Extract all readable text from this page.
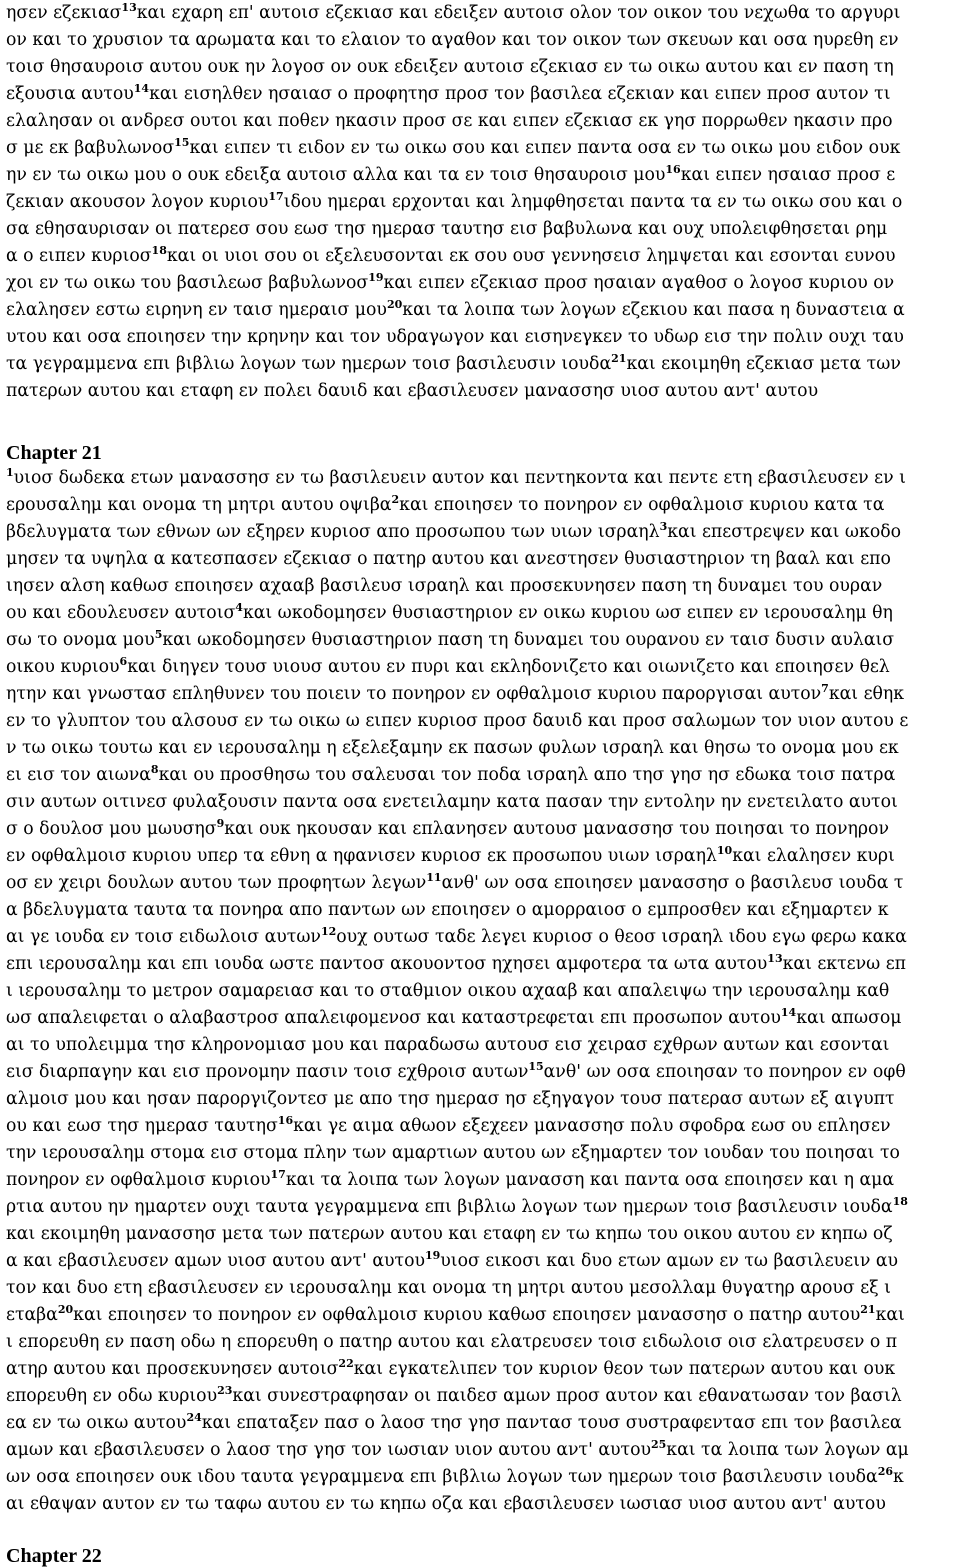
ησεν εζεκιασ$^{13}$και εχαρη επ' αυτοισ εζεκιασ και εδειξεν αυτοισ ολον τον οικον του νεχωθα το αργυρι
ον και το χρυσιον τα αρωματα και το ελαιον το αγαθον και τον οικον των σκευων και οσα ηυρεθη εν
τοισ θησαυροισ αυτου ουκ ην λογοσ ον ουκ εδειξεν αυτοισ εζεκιασ εν τω οικω αυτου και εν παση τη
εξουσια αυτου$^{14}$και εισηλθεν ησαιασ ο προφητησ προσ τον βασιλεα εζεκιαν και ειπεν προσ αυτον τι
ελαλησαν οι ανδρεσ ουτοι και ποθεν ηκασιν προσ σε και ειπεν εζεκιασ εκ γησ πορρωθεν ηκασιν προ
σ με εκ βαβυλωνοσ$^{15}$και ειπεν τι ειδον εν τω οικω σου και ειπεν παντα οσα εν τω οικω μου ειδον ουκ
ην εν τω οικω μου ο ουκ εδειξα αυτοισ αλλα και τα εν τοισ θησαυροισ μου$^{16}$και ειπεν ησαιασ προσ ε
ζεκιαν ακουσον λογον κυριου$^{17}$ιδου ημεραι ερχονται και λημφθησεται παντα τα εν τω οικω σου και ο
σα εθησαυρισαν οι πατερεσ σου εωσ τησ ημερασ ταυτησ εισ βαβυλωνα και ουχ υπολειφθησεται ρημ
α ο ειπεν κυριοσ$^{18}$και οι υιοι σου οι εξελευσονται εκ σου ουσ γεννησεισ λημψεται και εσονται ευνου
χοι εν τω οικω του βασιλεωσ βαβυλωνοσ$^{19}$και ειπεν εζεκιασ προσ ησαιαν αγαθοσ ο λογοσ κυριου ον
ελαλησεν εστω ειρηνη εν ταισ ημεραισ μου$^{20}$και τα λοιπα των λογων εζεκιου και πασα η δυναστεια α
υτου και οσα εποιησεν την κρηνην και τον υδραγωγον και εισηνεγκεν το υδωρ εισ την πολιν ουχι ταυ
τα γεγραμμενα επι βιβλιω λογων των ημερων τοισ βασιλευσιν ιουδα$^{21}$και εκοιμηθη εζεκιασ μετα των
πατερων αυτου και εταφη εν πολει δαυιδ και εβασιλευσεν μανασσησ υιοσ αυτου αντ' αυτου
Chapter 21
$^1$υιοσ δωδεκα ετων μανασσησ εν τω βασιλευειν αυτον και πεντηκοντα και πεντε ετη εβασιλευσεν εν ι
ερουσαλημ και ονομα τη μητρι αυτου οψιβα$^2$και εποιησεν το πονηρον εν οφθαλμοισ κυριου κατα τα
βδελυγματα των εθνων ων εξηρεν κυριοσ απο προσωπου των υιων ισραηλ$^3$και επεστρεψεν και ωκοδο
μησεν τα υψηλα α κατεσπασεν εζεκιασ ο πατηρ αυτου και ανεστησεν θυσιαστηριον τη βααλ και επο
ιησεν αλση καθωσ εποιησεν αχααβ βασιλευσ ισραηλ και προσεκυνησεν παση τη δυναμει του ουραν
ου και εδουλευσεν αυτοισ$^4$και ωκοδομησεν θυσιαστηριον εν οικω κυριου ωσ ειπεν εν ιερουσαλημ θη
σω το ονομα μου$^5$και ωκοδομησεν θυσιαστηριον παση τη δυναμει του ουρανου εν ταισ δυσιν αυλαισ
οικου κυριου$^6$και διηγεν τουσ υιουσ αυτου εν πυρι και εκληδονιζετο και οιωνιζετο και εποιησεν θελ
ητην και γνωστασ επληθυνεν του ποιειν το πονηρον εν οφθαλμοισ κυριου παροργισαι αυτον$^7$και εθηκ
εν το γλυπτον του αλσουσ εν τω οικω ω ειπεν κυριοσ προσ δαυιδ και προσ σαλωμων τον υιον αυτου ε
ν τω οικω τουτω και εν ιερουσαλημ η εξελεξαμην εκ πασων φυλων ισραηλ και θησω το ονομα μου εκ
ει εισ τον αιωνα$^8$και ου προσθησω του σαλευσαι τον ποδα ισραηλ απο τησ γησ ησ εδωκα τοισ πατρα
σιν αυτων οιτινεσ φυλαξουσιν παντα οσα ενετειλαμην κατα πασαν την εντολην ην ενετειλατο αυτοι
σ ο δουλοσ μου μωυσησ$^9$και ουκ ηκουσαν και επλανησεν αυτουσ μανασσησ του ποιησαι το πονηρον
εν οφθαλμοισ κυριου υπερ τα εθνη α ηφανισεν κυριοσ εκ προσωπου υιων ισραηλ$^{10}$και ελαλησεν κυρι
οσ εν χειρι δουλων αυτου των προφητων λεγων$^{11}$ανθ' ων οσα εποιησεν μανασσησ ο βασιλευσ ιουδα τ
α βδελυγματα ταυτα τα πονηρα απο παντων ων εποιησεν ο αμορραιοσ ο εμπροσθεν και εξημαρτεν κ
αι γε ιουδα εν τοισ ειδωλοισ αυτων$^{12}$ουχ ουτωσ ταδε λεγει κυριοσ ο θεοσ ισραηλ ιδου εγω φερω κακα
επι ιερουσαλημ και επι ιουδα ωστε παντοσ ακουοντοσ ηχησει αμφοτερα τα ωτα αυτου$^{13}$και εκτενω επ
ι ιερουσαλημ το μετρον σαμαρειασ και το σταθμιον οικου αχααβ και απαλειψω την ιερουσαλημ καθ
ωσ απαλειφεται ο αλαβαστροσ απαλειφομενοσ και καταστρεφεται επι προσωπον αυτου$^{14}$και απωσομ
αι το υπολειμμα τησ κληρονομιασ μου και παραδωσω αυτουσ εισ χειρασ εχθρων αυτων και εσονται
εισ διαρπαγην και εισ προνομην πασιν τοισ εχθροισ αυτων$^{15}$ανθ' ων οσα εποιησαν το πονηρον εν οφθ
αλμοισ μου και ησαν παροργιζοντεσ με απο τησ ημερασ ησ εξηγαγον τουσ πατερασ αυτων εξ αιγυπτ
ου και εωσ τησ ημερασ ταυτησ$^{16}$και γε αιμα αθωον εξεχεεν μανασσησ πολυ σφοδρα εωσ ου επλησεν
την ιερουσαλημ στομα εισ στομα πλην των αμαρτιων αυτου ων εξημαρτεν τον ιουδαν του ποιησαι το
πονηρον εν οφθαλμοισ κυριου$^{17}$και τα λοιπα των λογων μανασση και παντα οσα εποιησεν και η αμα
ρτια αυτου ην ημαρτεν ουχι ταυτα γεγραμμενα επι βιβλιω λογων των ημερων τοισ βασιλευσιν ιουδα$^{18}$
και εκοιμηθη μανασσησ μετα των πατερων αυτου και εταφη εν τω κηπω του οικου αυτου εν κηπω οζ
α και εβασιλευσεν αμων υιοσ αυτου αντ' αυτου$^{19}$υιοσ εικοσι και δυο ετων αμων εν τω βασιλευειν αυ
τον και δυο ετη εβασιλευσεν εν ιερουσαλημ και ονομα τη μητρι αυτου μεσολλαμ θυγατηρ αρουσ εξ ι
εταβα$^{20}$και εποιησεν το πονηρον εν οφθαλμοισ κυριου καθωσ εποιησεν μανασσησ ο πατηρ αυτου$^{21}$και
ι επορευθη εν παση οδω η επορευθη ο πατηρ αυτου και ελατρευσεν τοισ ειδωλοισ οισ ελατρευσεν ο π
ατηρ αυτου και προσεκυνησεν αυτοισ$^{22}$και εγκατελιπεν τον κυριον θεον των πατερων αυτου και ουκ
επορευθη εν οδω κυριου$^{23}$και συνεστραφησαν οι παιδεσ αμων προσ αυτον και εθανατωσαν τον βασιλ
εα εν τω οικω αυτου$^{24}$και επαταξεν πασ ο λαοσ τησ γησ παντασ τουσ συστραφεντασ επι τον βασιλεα
αμων και εβασιλευσεν ο λαοσ τησ γησ τον ιωσιαν υιον αυτου αντ' αυτου$^{25}$και τα λοιπα των λογων αμ
ων οσα εποιησεν ουκ ιδου ταυτα γεγραμμενα επι βιβλιω λογων των ημερων τοισ βασιλευσιν ιουδα$^{26}$κ
αι εθαψαν αυτον εν τω ταφω αυτου εν τω κηπω οζα και εβασιλευσεν ιωσιασ υιοσ αυτου αντ' αυτου
Chapter 22
